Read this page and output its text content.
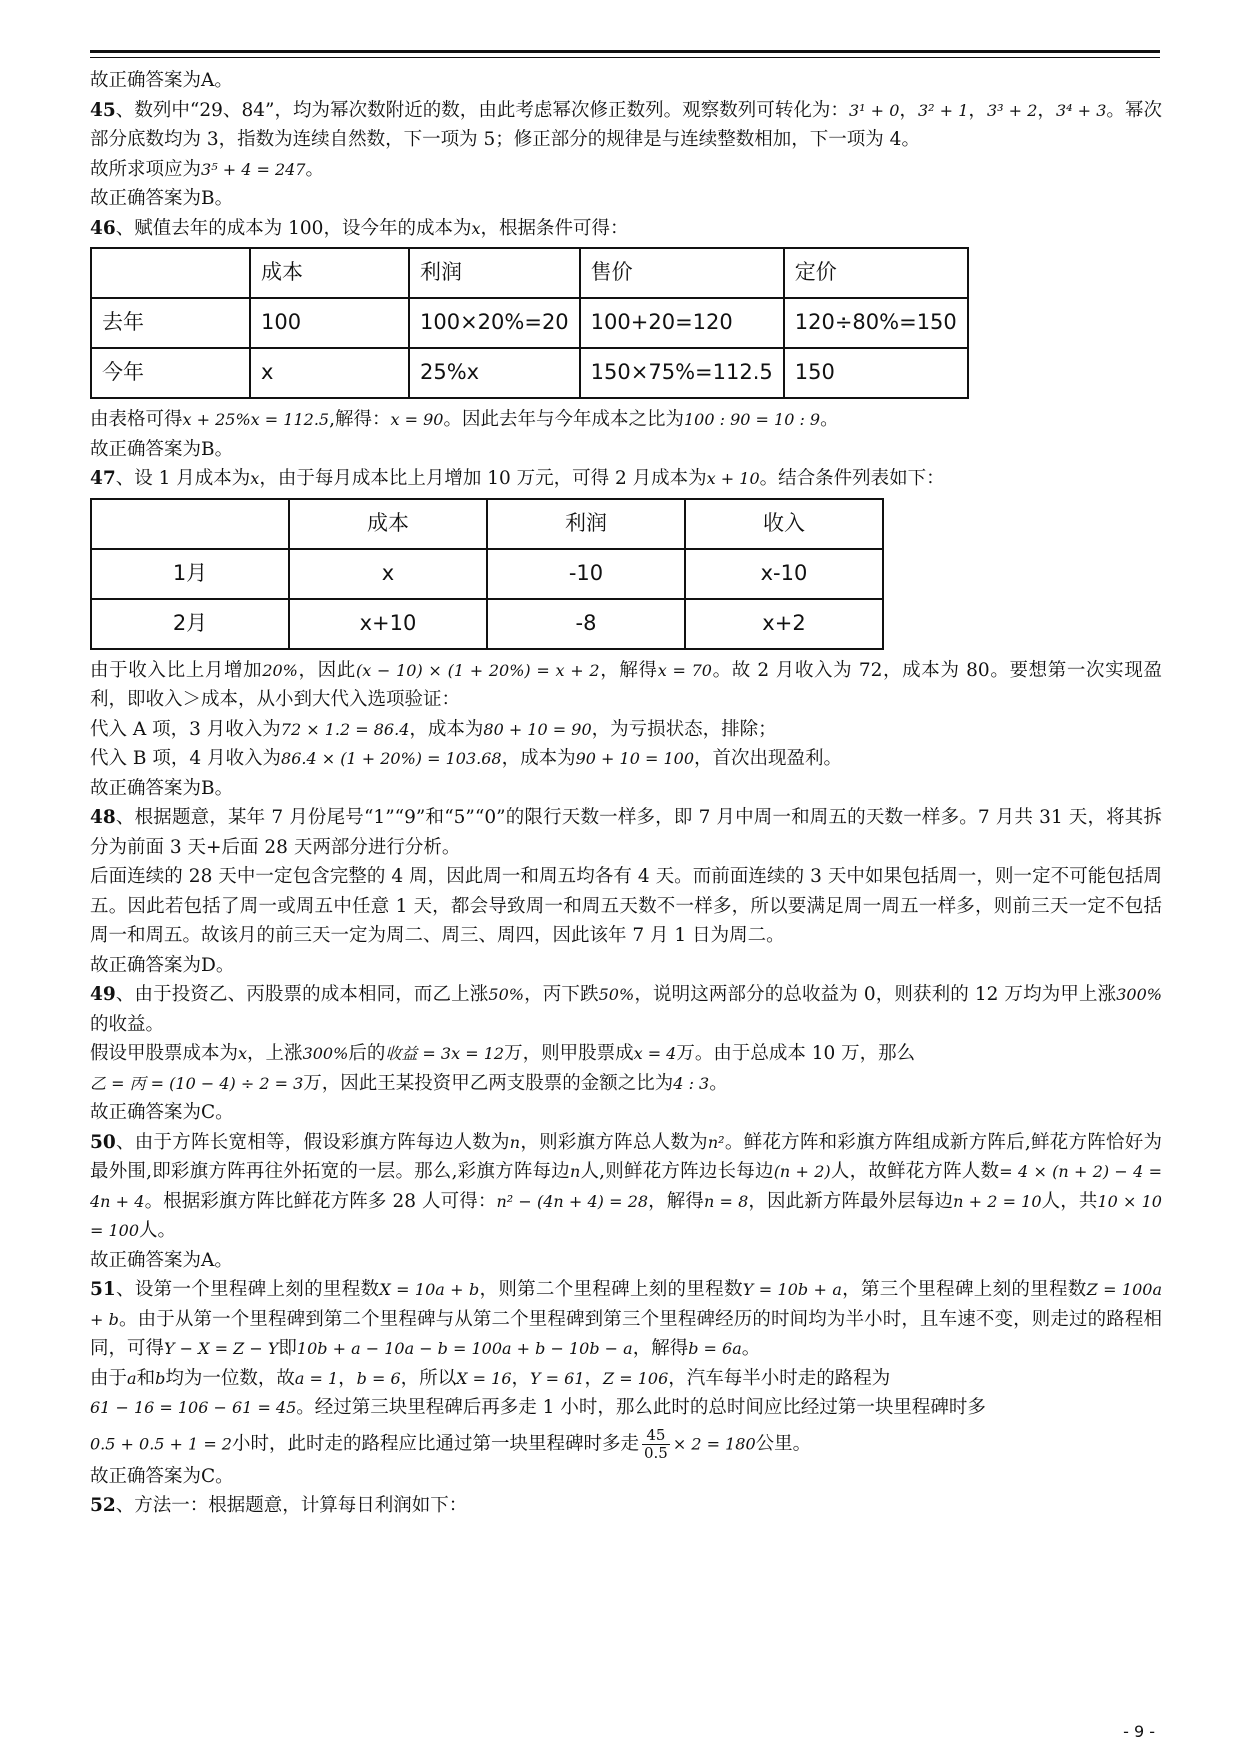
故正确答案为A。

45、数列中“29、84”，均为幂次数附近的数，由此考虑幂次修正数列。观察数列可转化为：3¹ + 0，3² + 1，3³ + 2，3⁴ + 3。幂次部分底数均为 3，指数为连续自然数，下一项为 5；修正部分的规律是与连续整数相加，下一项为 4。

故所求项应为3⁵ + 4 = 247。

故正确答案为B。

46、赋值去年的成本为 100，设今年的成本为x，根据条件可得：

	成本	利润	售价	定价
去年	100	100×20%=20	100+20=120	120÷80%=150
今年	x	25%x	150×75%=112.5	150

由表格可得x + 25%x = 112.5,解得：x = 90。因此去年与今年成本之比为100 : 90 = 10 : 9。

故正确答案为B。

47、设 1 月成本为x，由于每月成本比上月增加 10 万元，可得 2 月成本为x + 10。结合条件列表如下：

	成本	利润	收入
1月	x	-10	x-10
2月	x+10	-8	x+2

由于收入比上月增加20%，因此(x − 10) × (1 + 20%) = x + 2，解得x = 70。故 2 月收入为 72，成本为 80。要想第一次实现盈利，即收入＞成本，从小到大代入选项验证：

代入 A 项，3 月收入为72 × 1.2 = 86.4，成本为80 + 10 = 90，为亏损状态，排除；

代入 B 项，4 月收入为86.4 × (1 + 20%) = 103.68，成本为90 + 10 = 100，首次出现盈利。

故正确答案为B。

48、根据题意，某年 7 月份尾号“1”“9”和“5”“0”的限行天数一样多，即 7 月中周一和周五的天数一样多。7 月共 31 天，将其拆分为前面 3 天+后面 28 天两部分进行分析。

后面连续的 28 天中一定包含完整的 4 周，因此周一和周五均各有 4 天。而前面连续的 3 天中如果包括周一，则一定不可能包括周五。因此若包括了周一或周五中任意 1 天，都会导致周一和周五天数不一样多，所以要满足周一周五一样多，则前三天一定不包括周一和周五。故该月的前三天一定为周二、周三、周四，因此该年 7 月 1 日为周二。

故正确答案为D。

49、由于投资乙、丙股票的成本相同，而乙上涨50%，丙下跌50%，说明这两部分的总收益为 0，则获利的 12 万均为甲上涨300%的收益。

假设甲股票成本为x，上涨300%后的收益 = 3x = 12万，则甲股票成x = 4万。由于总成本 10 万，那么

乙 = 丙 = (10 − 4) ÷ 2 = 3万，因此王某投资甲乙两支股票的金额之比为4 : 3。

故正确答案为C。

50、由于方阵长宽相等，假设彩旗方阵每边人数为n，则彩旗方阵总人数为n²。鲜花方阵和彩旗方阵组成新方阵后,鲜花方阵恰好为最外围,即彩旗方阵再往外拓宽的一层。那么,彩旗方阵每边n人,则鲜花方阵边长每边(n + 2)人，故鲜花方阵人数= 4 × (n + 2) − 4 = 4n + 4。根据彩旗方阵比鲜花方阵多 28 人可得：n² − (4n + 4) = 28，解得n = 8，因此新方阵最外层每边n + 2 = 10人，共10 × 10 = 100人。

故正确答案为A。

51、设第一个里程碑上刻的里程数X = 10a + b，则第二个里程碑上刻的里程数Y = 10b + a，第三个里程碑上刻的里程数Z = 100a + b。由于从第一个里程碑到第二个里程碑与从第二个里程碑到第三个里程碑经历的时间均为半小时，且车速不变，则走过的路程相同，可得Y − X = Z − Y即10b + a − 10a − b = 100a + b − 10b − a，解得b = 6a。

由于a和b均为一位数，故a = 1，b = 6，所以X = 16，Y = 61，Z = 106，汽车每半小时走的路程为

61 − 16 = 106 − 61 = 45。经过第三块里程碑后再多走 1 小时，那么此时的总时间应比经过第一块里程碑时多

0.5 + 0.5 + 1 = 2小时，此时走的路程应比通过第一块里程碑时多走 $\frac{45}{0.5} \times 2 = 180$公里。

故正确答案为C。

52、方法一：根据题意，计算每日利润如下：

- 9 -
